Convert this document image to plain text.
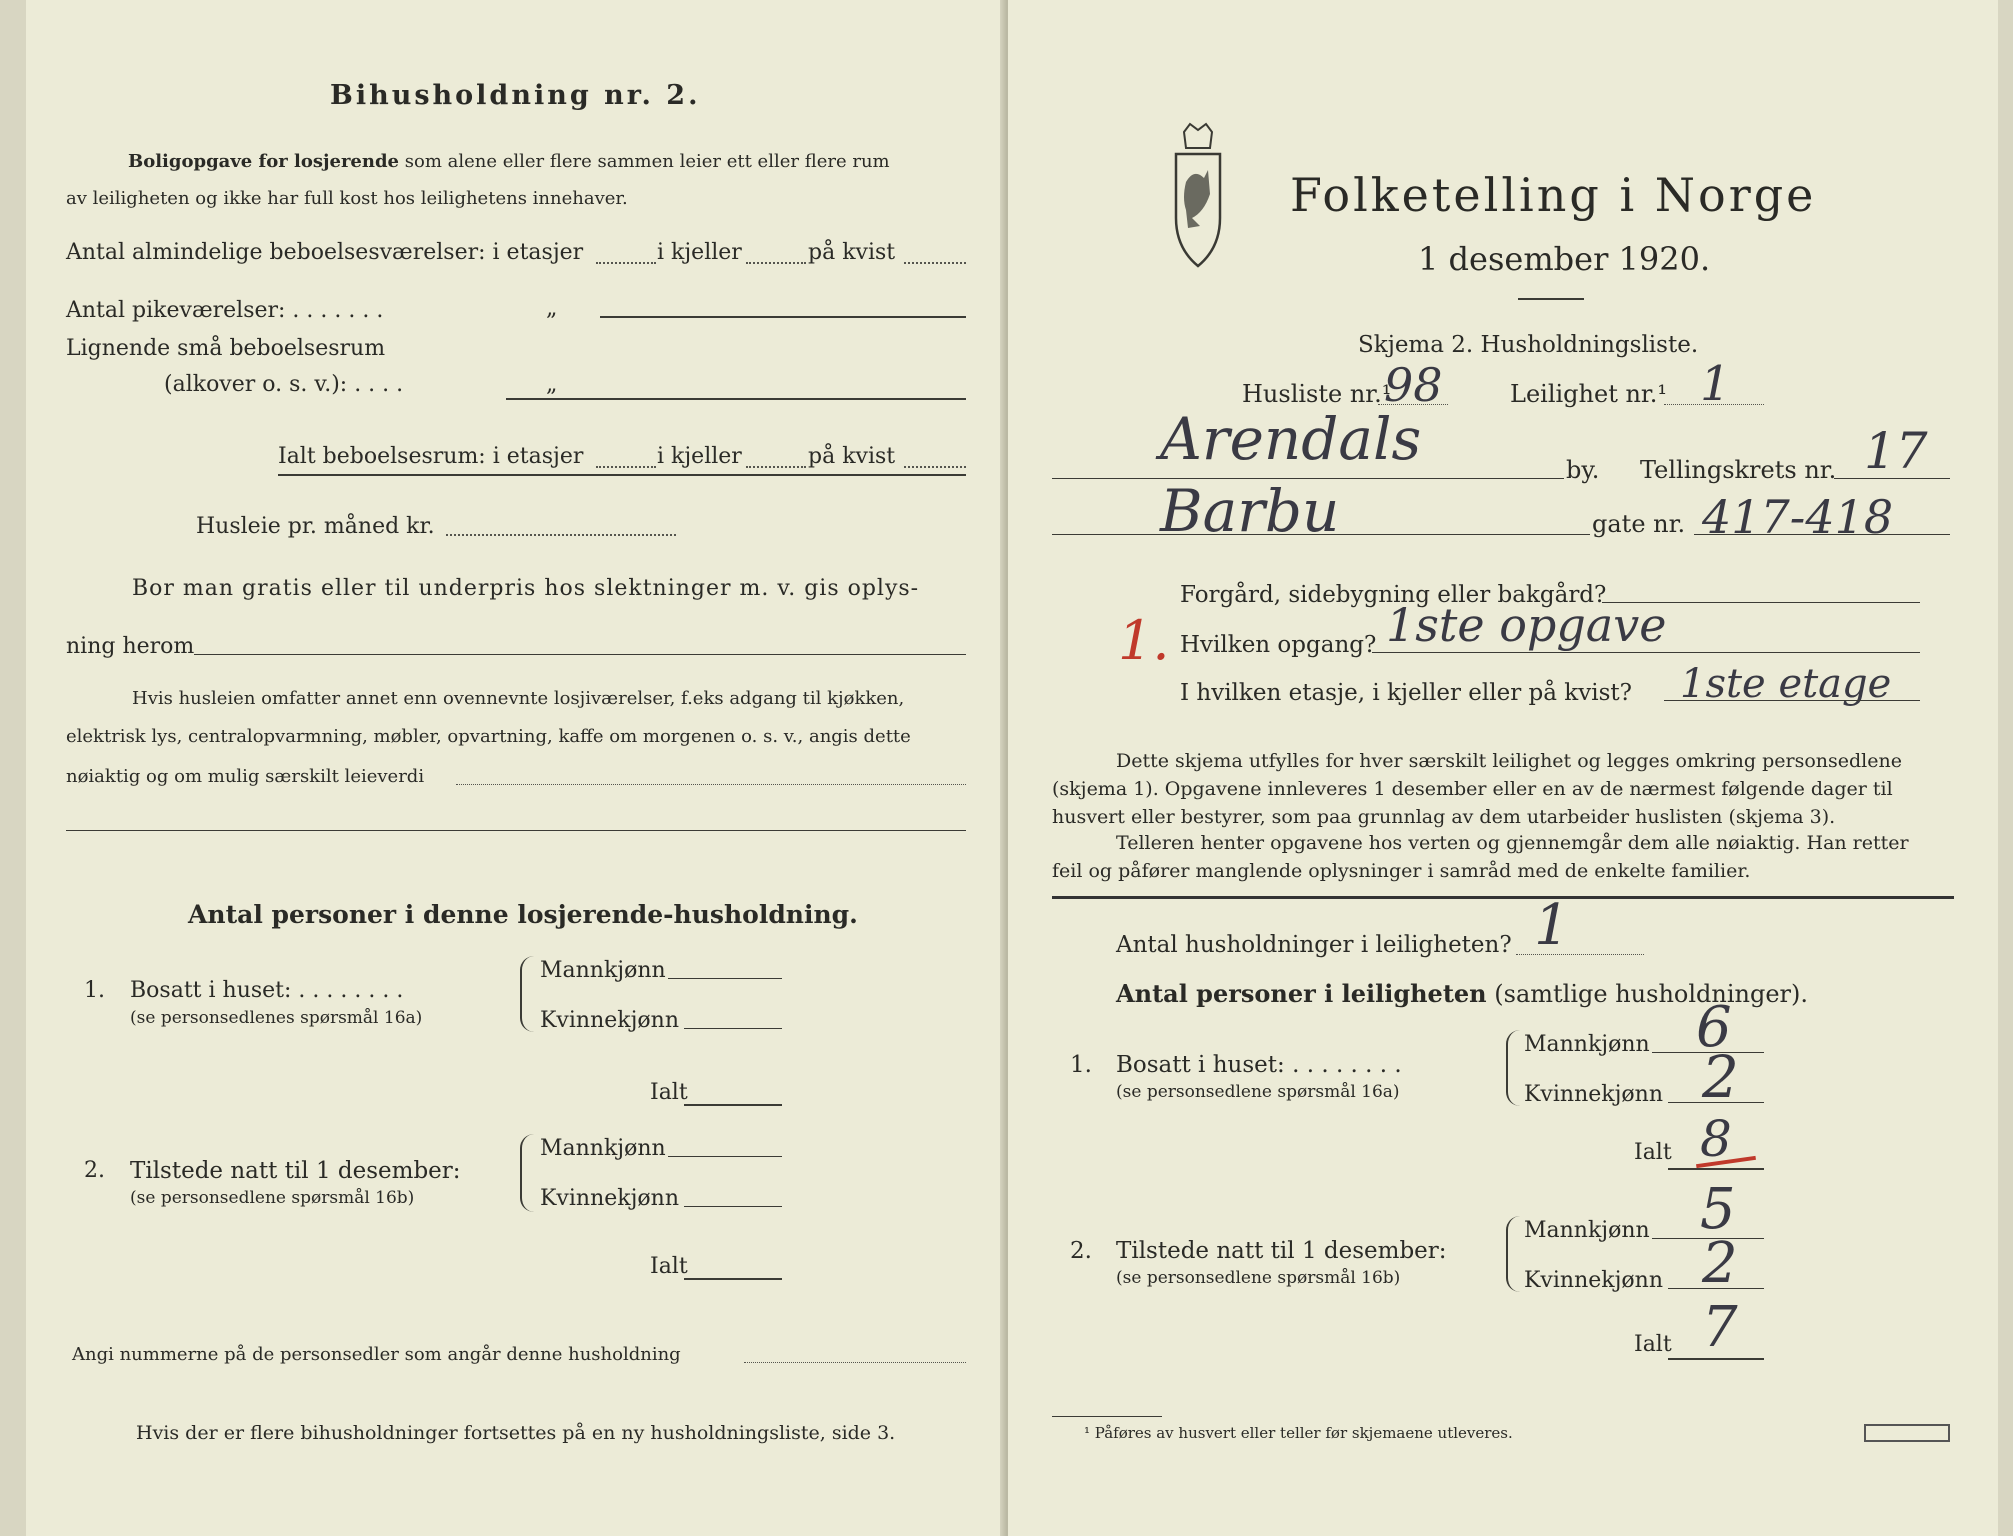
Bihusholdning nr. 2.
Boligopgave for losjerende som alene eller flere sammen leier ett eller flere rum
av leiligheten og ikke har full kost hos leilighetens innehaver.
Antal almindelige beboelsesværelser: i etasjer	i kjeller	på kvist
Antal pikeværelser: . . . . . . .	„
Lignende små beboelsesrum
(alkover o. s. v.): . . . .	„
Ialt beboelsesrum: i etasjer	i kjeller	på kvist
Husleie pr. måned kr.
Bor man gratis eller til underpris hos slektninger m. v. gis oplys-
ning herom
Hvis husleien omfatter annet enn ovennevnte losjiværelser, f.eks adgang til kjøkken,
elektrisk lys, centralopvarmning, møbler, opvartning, kaffe om morgenen o. s. v., angis dette
nøiaktig og om mulig særskilt leieverdi
Antal personer i denne losjerende-husholdning.
1. Bosatt i huset: . . . . . . . .
(se personsedlenes spørsmål 16a)
Mannkjønn
Kvinnekjønn
Ialt
2. Tilstede natt til 1 desember:
(se personsedlene spørsmål 16b)
Mannkjønn
Kvinnekjønn
Ialt
Angi nummerne på de personsedler som angår denne husholdning
Hvis der er flere bihusholdninger fortsettes på en ny husholdningsliste, side 3.
Folketelling i Norge
1 desember 1920.
Skjema 2. Husholdningsliste.
Husliste nr.¹
98	Leilighet nr.¹ 1
Arendals	by. Tellingskrets nr. 17
Barbu	gate nr. 417-418
Forgård, sidebygning eller bakgård?
1. Hvilken opgang? 1ste opgave
I hvilken etasje, i kjeller eller på kvist? 1ste etage
Dette skjema utfylles for hver særskilt leilighet og legges omkring personsedlene
(skjema 1). Opgavene innleveres 1 desember eller en av de nærmest følgende dager til
husvert eller bestyrer, som paa grunnlag av dem utarbeider huslisten (skjema 3).
Telleren henter opgavene hos verten og gjennemgår dem alle nøiaktig. Han retter
feil og påfører manglende oplysninger i samråd med de enkelte familier.
Antal husholdninger i leiligheten? 1
Antal personer i leiligheten (samtlige husholdninger).
1. Bosatt i huset: . . . . . . . .
(se personsedlene spørsmål 16a)
Mannkjønn 6
Kvinnekjønn 2
Ialt 8
2. Tilstede natt til 1 desember:
(se personsedlene spørsmål 16b)
Mannkjønn 5
Kvinnekjønn 2
Ialt 7
¹ Påføres av husvert eller teller før skjemaene utleveres.
